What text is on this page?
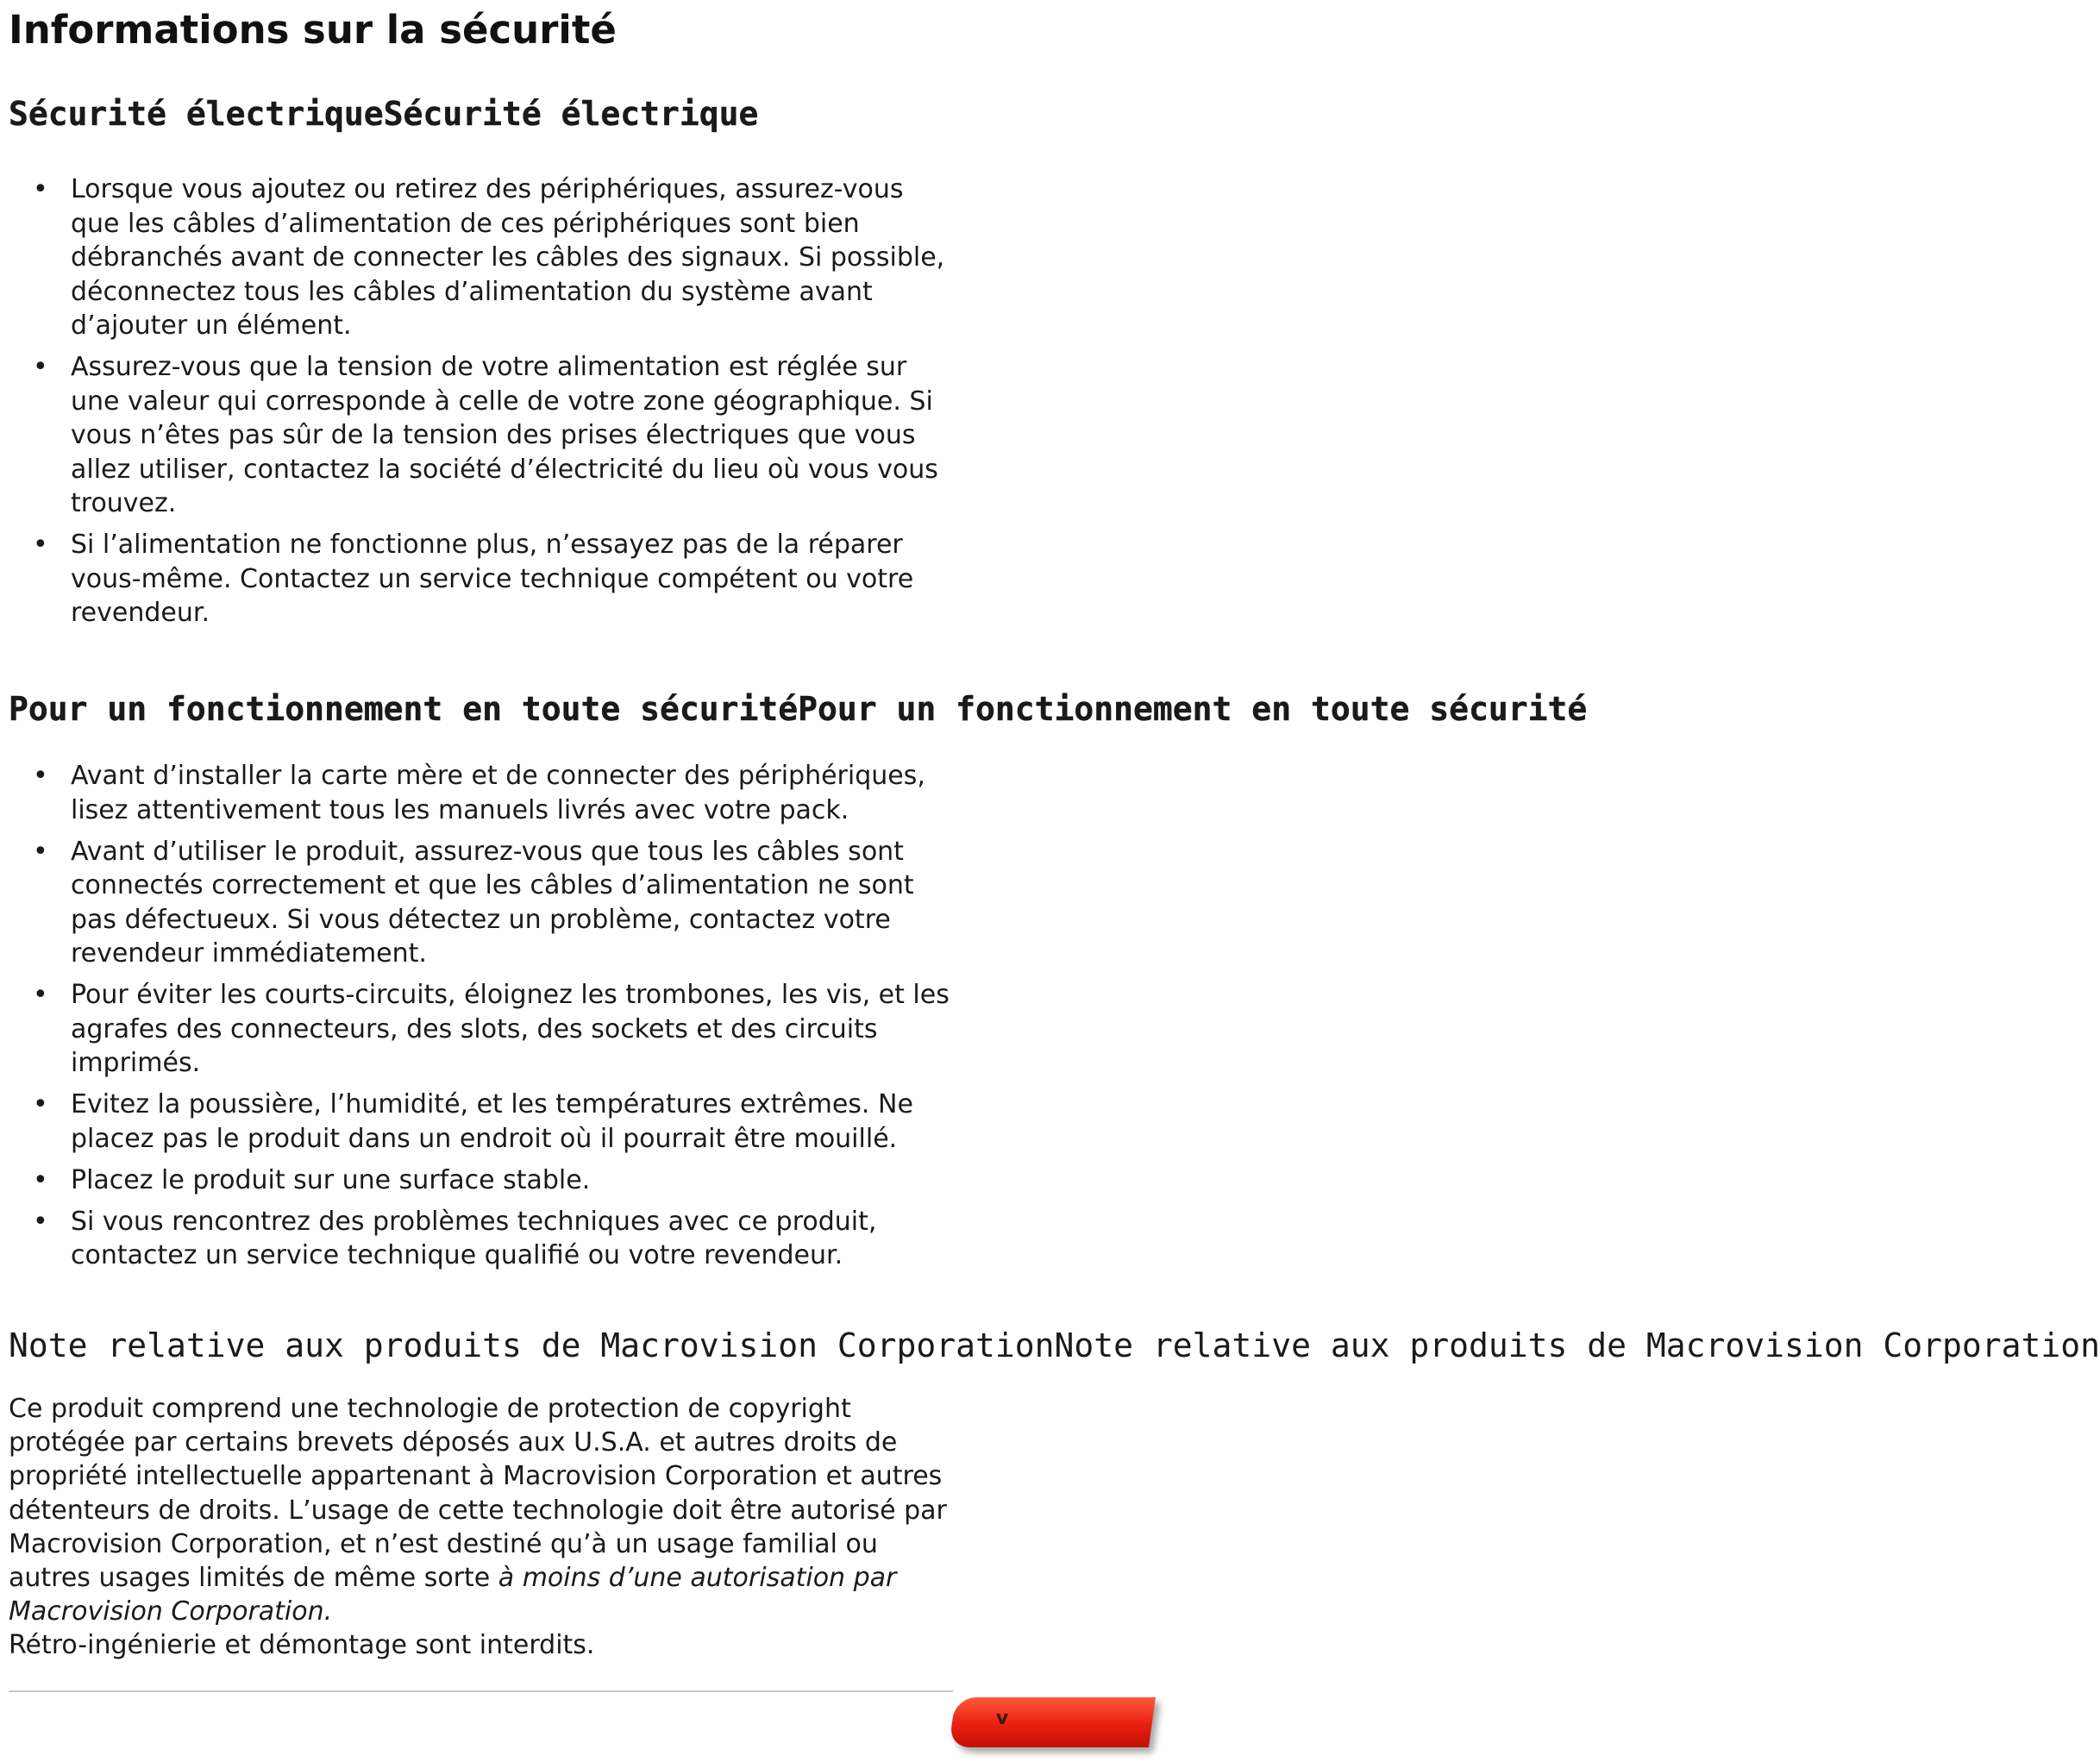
Informations sur la sécurité
Sécurité électriqueSécurité électrique
• Lorsque vous ajoutez ou retirez des périphériques, assurez-vous que les câbles d’alimentation de ces périphériques sont bien débranchés avant de connecter les câbles des signaux. Si possible, déconnectez tous les câbles d’alimentation du système avant d’ajouter un élément.
• Assurez-vous que la tension de votre alimentation est réglée sur une valeur qui corresponde à celle de votre zone géographique. Si vous n’êtes pas sûr de la tension des prises électriques que vous allez utiliser, contactez la société d’électricité du lieu où vous vous trouvez.
• Si l’alimentation ne fonctionne plus, n’essayez pas de la réparer vous-même. Contactez un service technique compétent ou votre revendeur.
Pour un fonctionnement en toute sécuritéPour un fonctionnement en toute sécurité
• Avant d’installer la carte mère et de connecter des périphériques, lisez attentivement tous les manuels livrés avec votre pack.
• Avant d’utiliser le produit, assurez-vous que tous les câbles sont connectés correctement et que les câbles d’alimentation ne sont pas défectueux. Si vous détectez un problème, contactez votre revendeur immédiatement.
• Pour éviter les courts-circuits, éloignez les trombones, les vis, et les agrafes des connecteurs, des slots, des sockets et des circuits imprimés.
• Evitez la poussière, l’humidité, et les températures extrêmes. Ne placez pas le produit dans un endroit où il pourrait être mouillé.
• Placez le produit sur une surface stable.
• Si vous rencontrez des problèmes techniques avec ce produit, contactez un service technique qualifié ou votre revendeur.
Note relative aux produits de Macrovision CorporationNote relative aux produits de Macrovision Corporation

Ce produit comprend une technologie de protection de copyright protégée par certains brevets déposés aux U.S.A. et autres droits de propriété intellectuelle appartenant à Macrovision Corporation et autres détenteurs de droits. L’usage de cette technologie doit être autorisé par Macrovision Corporation, et n’est destiné qu’à un usage familial ou autres usages limités de même sorte à moins d’une autorisation par Macrovision Corporation.
Rétro-ingénierie et démontage sont interdits.

v
